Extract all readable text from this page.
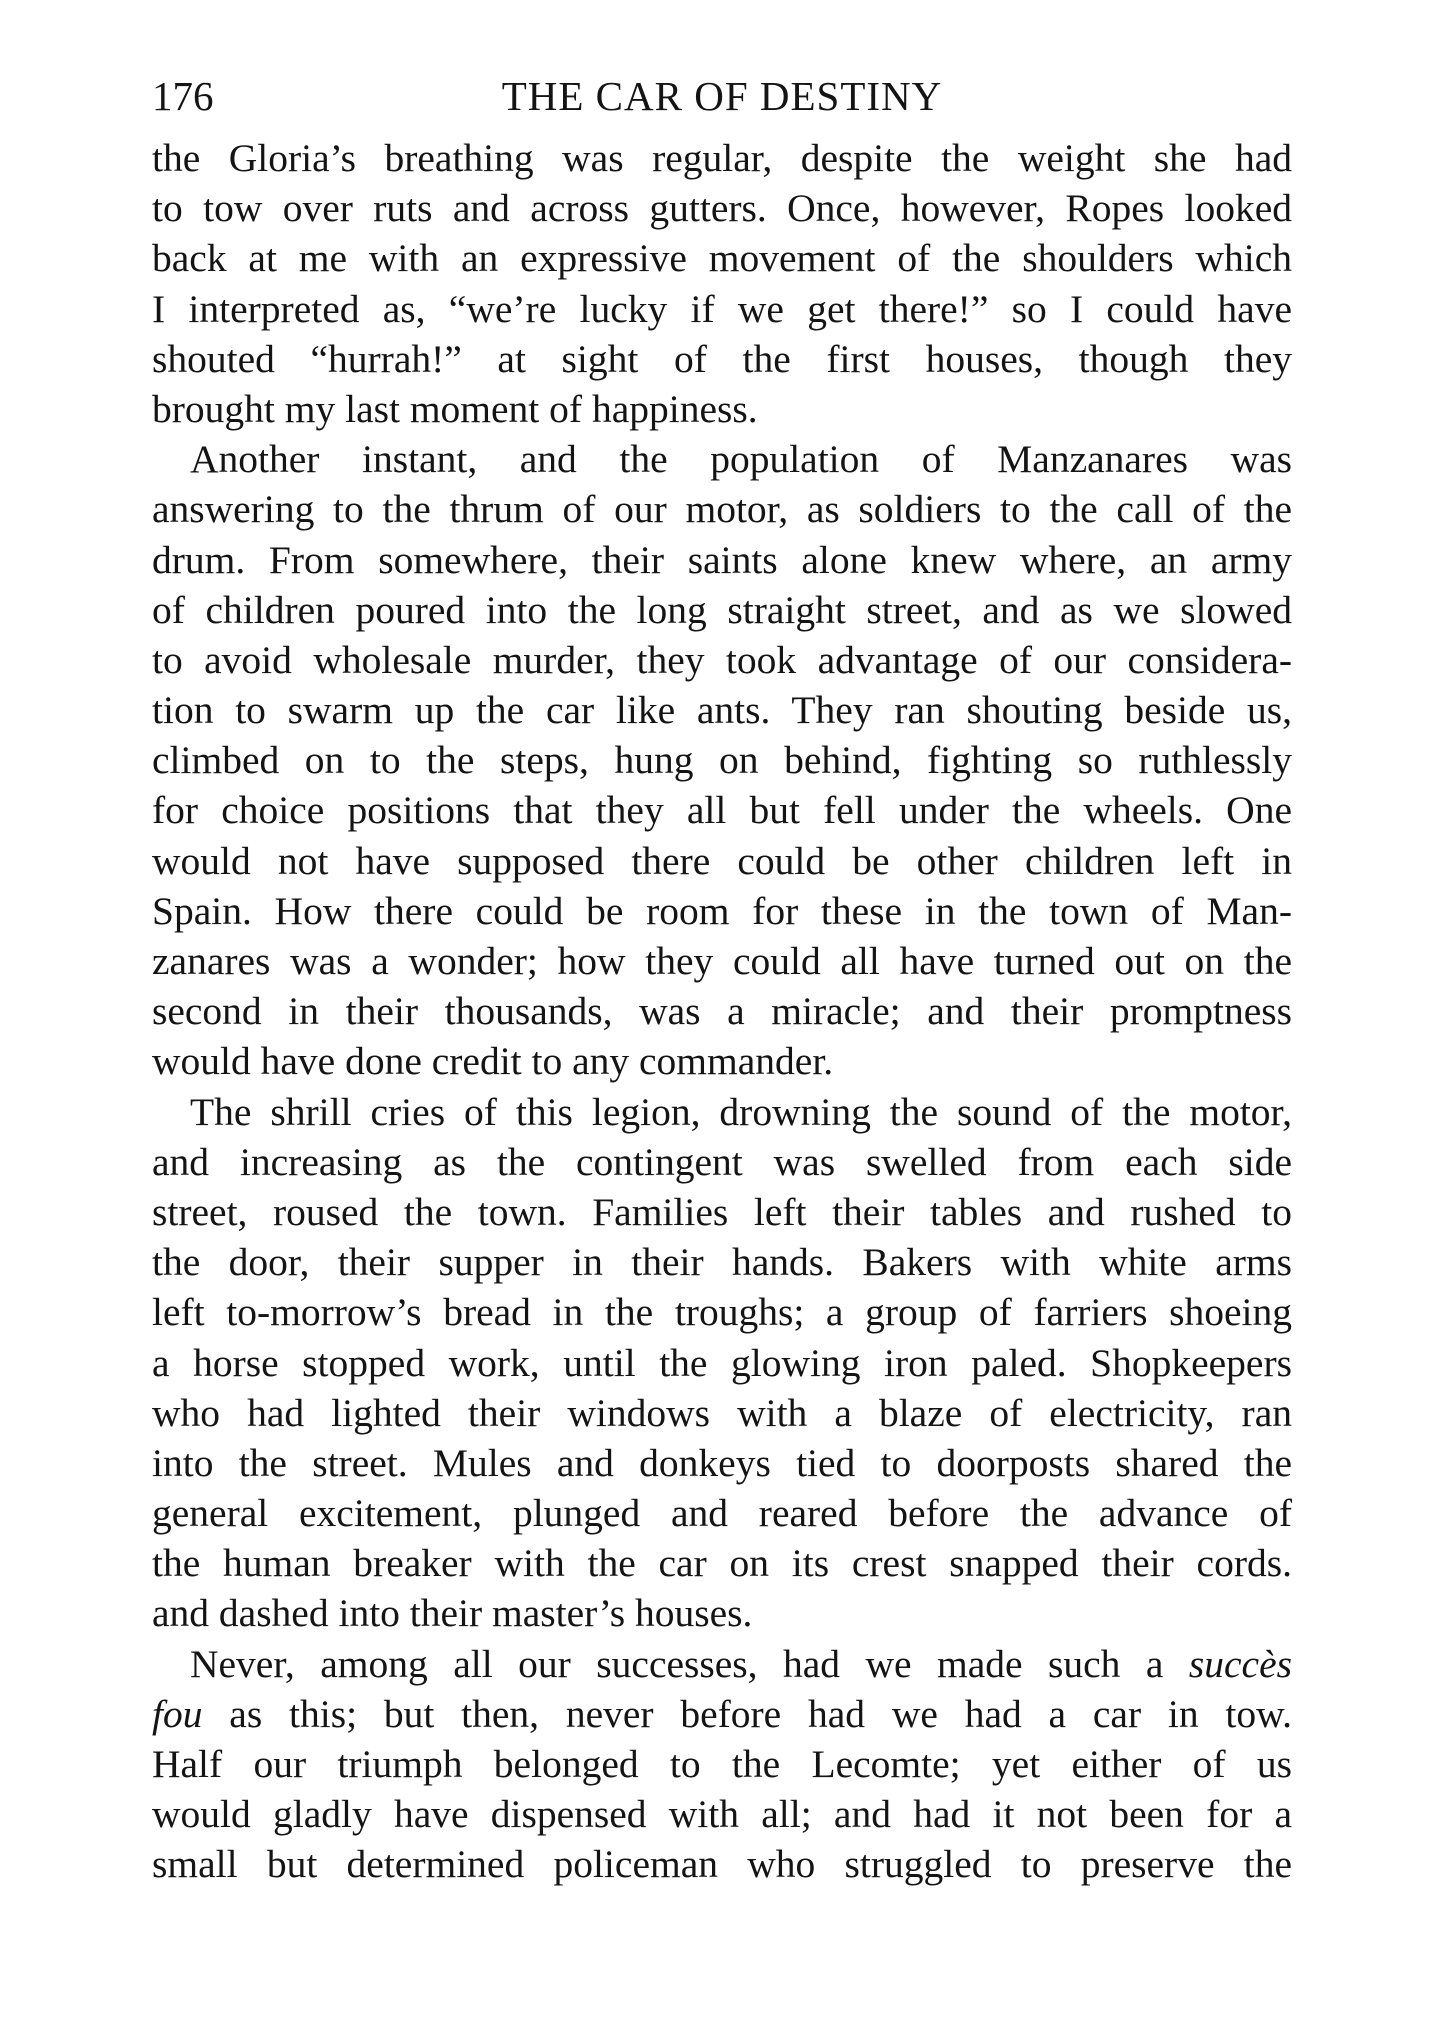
176	THE CAR OF DESTINY
the Gloria’s breathing was regular, despite the weight she had
to tow over ruts and across gutters. Once, however, Ropes looked
back at me with an expressive movement of the shoulders which
I interpreted as, “we’re lucky if we get there!” so I could have
shouted “hurrah!” at sight of the first houses, though they
brought my last moment of happiness.
Another instant, and the population of Manzanares was
answering to the thrum of our motor, as soldiers to the call of the
drum. From somewhere, their saints alone knew where, an army
of children poured into the long straight street, and as we slowed
to avoid wholesale murder, they took advantage of our considera-
tion to swarm up the car like ants. They ran shouting beside us,
climbed on to the steps, hung on behind, fighting so ruthlessly
for choice positions that they all but fell under the wheels. One
would not have supposed there could be other children left in
Spain. How there could be room for these in the town of Man-
zanares was a wonder; how they could all have turned out on the
second in their thousands, was a miracle; and their promptness
would have done credit to any commander.
The shrill cries of this legion, drowning the sound of the motor,
and increasing as the contingent was swelled from each side
street, roused the town. Families left their tables and rushed to
the door, their supper in their hands. Bakers with white arms
left to-morrow’s bread in the troughs; a group of farriers shoeing
a horse stopped work, until the glowing iron paled. Shopkeepers
who had lighted their windows with a blaze of electricity, ran
into the street. Mules and donkeys tied to doorposts shared the
general excitement, plunged and reared before the advance of
the human breaker with the car on its crest snapped their cords.
and dashed into their master’s houses.
Never, among all our successes, had we made such a succès
fou as this; but then, never before had we had a car in tow.
Half our triumph belonged to the Lecomte; yet either of us
would gladly have dispensed with all; and had it not been for a
small but determined policeman who struggled to preserve the
